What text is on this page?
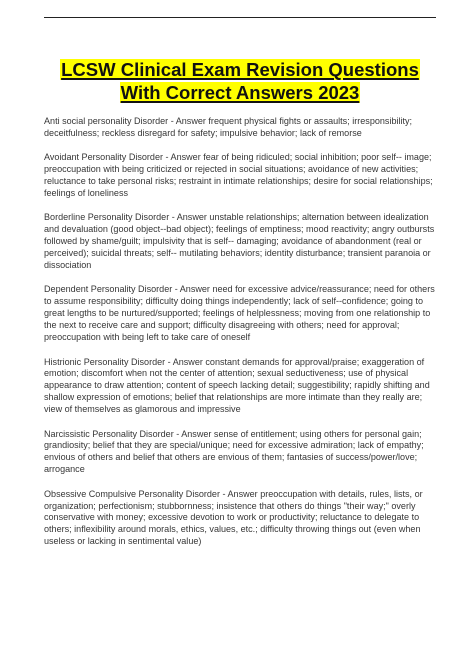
LCSW Clinical Exam Revision Questions
With Correct Answers 2023

Anti social personality Disorder - Answer frequent physical fights or assaults; irresponsibility; deceitfulness; reckless disregard for safety; impulsive behavior; lack of remorse

Avoidant Personality Disorder - Answer fear of being ridiculed; social inhibition; poor self-- image; preoccupation with being criticized or rejected in social situations; avoidance of new activities; reluctance to take personal risks; restraint in intimate relationships; desire for social relationships; feelings of loneliness

Borderline Personality Disorder - Answer unstable relationships; alternation between idealization and devaluation (good object--bad object); feelings of emptiness; mood reactivity; angry outbursts followed by shame/guilt; impulsivity that is self-- damaging; avoidance of abandonment (real or perceived); suicidal threats; self-- mutilating behaviors; identity disturbance; transient paranoia or dissociation

Dependent Personality Disorder - Answer need for excessive advice/reassurance; need for others to assume responsibility; difficulty doing things independently; lack of self--confidence; going to great lengths to be nurtured/supported; feelings of helplessness; moving from one relationship to the next to receive care and support; difficulty disagreeing with others; need for approval; preoccupation with being left to take care of oneself

Histrionic Personality Disorder - Answer constant demands for approval/praise; exaggeration of emotion; discomfort when not the center of attention; sexual seductiveness; use of physical appearance to draw attention; content of speech lacking detail; suggestibility; rapidly shifting and shallow expression of emotions; belief that relationships are more intimate than they really are; view of themselves as glamorous and impressive

Narcissistic Personality Disorder - Answer sense of entitlement; using others for personal gain; grandiosity; belief that they are special/unique; need for excessive admiration; lack of empathy; envious of others and belief that others are envious of them; fantasies of success/power/love; arrogance

Obsessive Compulsive Personality Disorder - Answer preoccupation with details, rules, lists, or organization; perfectionism; stubbornness; insistence that others do things "their way;" overly conservative with money; excessive devotion to work or productivity; reluctance to delegate to others; inflexibility around morals, ethics, values, etc.; difficulty throwing things out (even when useless or lacking in sentimental value)
